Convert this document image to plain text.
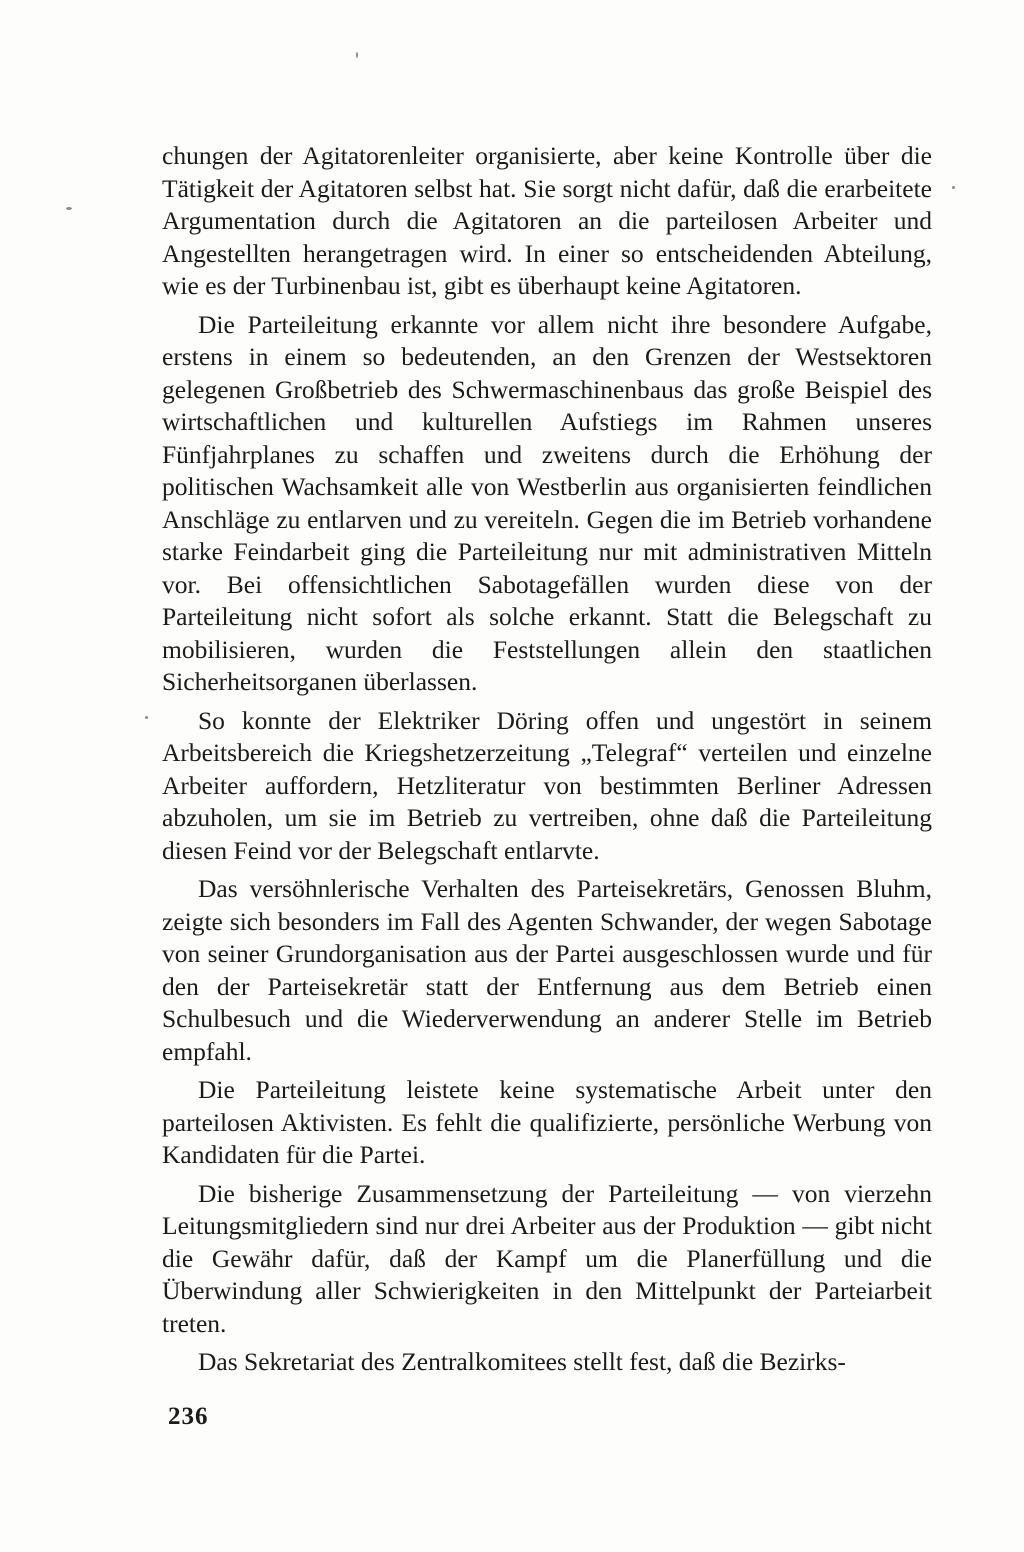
chungen der Agitatorenleiter organisierte, aber keine Kontrolle über die Tätigkeit der Agitatoren selbst hat. Sie sorgt nicht dafür, daß die erarbeitete Argumentation durch die Agitatoren an die parteilosen Arbeiter und Angestellten herangetragen wird. In einer so entscheidenden Abteilung, wie es der Turbinenbau ist, gibt es überhaupt keine Agitatoren.

Die Parteileitung erkannte vor allem nicht ihre besondere Aufgabe, erstens in einem so bedeutenden, an den Grenzen der Westsektoren gelegenen Großbetrieb des Schwermaschinenbaus das große Beispiel des wirtschaftlichen und kulturellen Aufstiegs im Rahmen unseres Fünfjahrplanes zu schaffen und zweitens durch die Erhöhung der politischen Wachsamkeit alle von Westberlin aus organisierten feindlichen Anschläge zu entlarven und zu vereiteln. Gegen die im Betrieb vorhandene starke Feindarbeit ging die Parteileitung nur mit administrativen Mitteln vor. Bei offensichtlichen Sabotagefällen wurden diese von der Parteileitung nicht sofort als solche erkannt. Statt die Belegschaft zu mobilisieren, wurden die Feststellungen allein den staatlichen Sicherheitsorganen überlassen.

So konnte der Elektriker Döring offen und ungestört in seinem Arbeitsbereich die Kriegshetzerzeitung „Telegraf“ verteilen und einzelne Arbeiter auffordern, Hetzliteratur von bestimmten Berliner Adressen abzuholen, um sie im Betrieb zu vertreiben, ohne daß die Parteileitung diesen Feind vor der Belegschaft entlarvte.

Das versöhnlerische Verhalten des Parteisekretärs, Genossen Bluhm, zeigte sich besonders im Fall des Agenten Schwander, der wegen Sabotage von seiner Grundorganisation aus der Partei ausgeschlossen wurde und für den der Parteisekretär statt der Entfernung aus dem Betrieb einen Schulbesuch und die Wiederverwendung an anderer Stelle im Betrieb empfahl.

Die Parteileitung leistete keine systematische Arbeit unter den parteilosen Aktivisten. Es fehlt die qualifizierte, persönliche Werbung von Kandidaten für die Partei.

Die bisherige Zusammensetzung der Parteileitung — von vierzehn Leitungsmitgliedern sind nur drei Arbeiter aus der Produktion — gibt nicht die Gewähr dafür, daß der Kampf um die Planerfüllung und die Überwindung aller Schwierigkeiten in den Mittelpunkt der Parteiarbeit treten.

Das Sekretariat des Zentralkomitees stellt fest, daß die Bezirks-

236
